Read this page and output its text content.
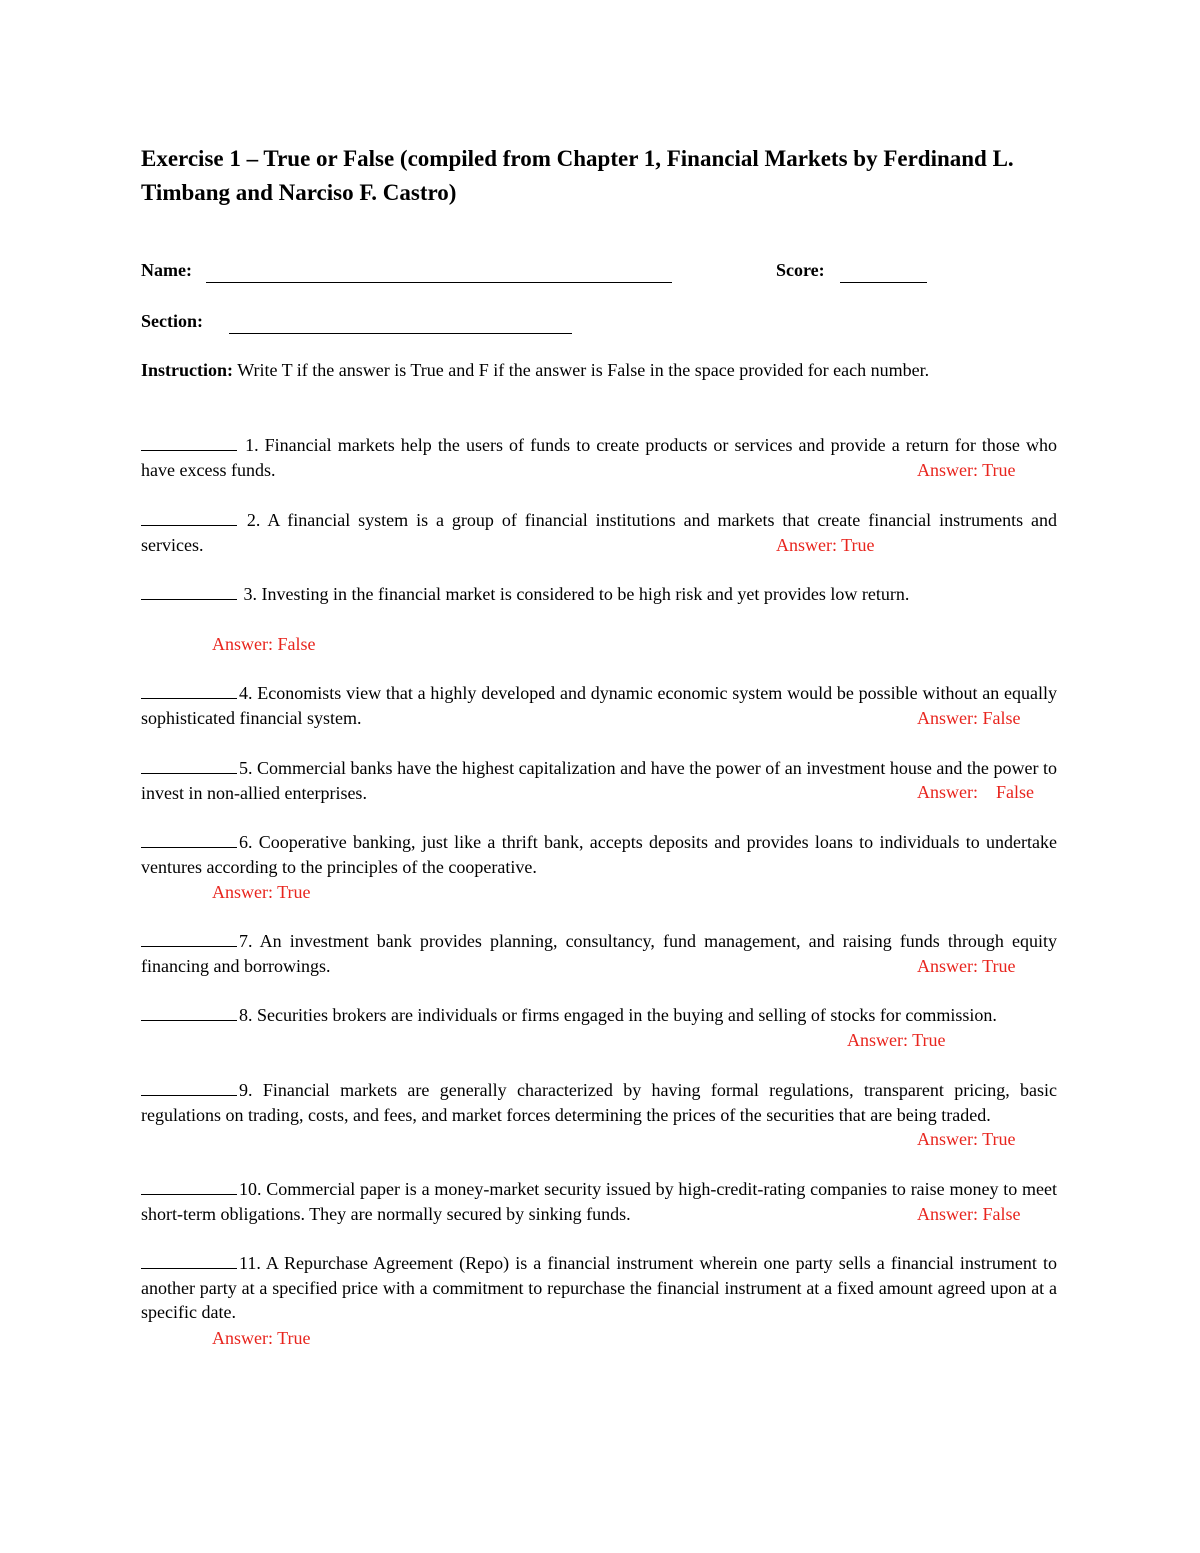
Exercise 1 – True or False (compiled from Chapter 1, Financial Markets by Ferdinand L. Timbang and Narciso F. Castro)
Name:	Score:
Section:
Instruction: Write T if the answer is True and F if the answer is False in the space provided for each number.
1. Financial markets help the users of funds to create products or services and provide a return for those who have excess funds.	Answer: True
2. A financial system is a group of financial institutions and markets that create financial instruments and services.	Answer: True
3. Investing in the financial market is considered to be high risk and yet provides low return.
Answer: False
4. Economists view that a highly developed and dynamic economic system would be possible without an equally sophisticated financial system.	Answer: False
5. Commercial banks have the highest capitalization and have the power of an investment house and the power to invest in non-allied enterprises.	Answer:    False
6. Cooperative banking, just like a thrift bank, accepts deposits and provides loans to individuals to undertake ventures according to the principles of the cooperative.
Answer: True
7. An investment bank provides planning, consultancy, fund management, and raising funds through equity financing and borrowings.	Answer: True
8. Securities brokers are individuals or firms engaged in the buying and selling of stocks for commission.
Answer: True
9. Financial markets are generally characterized by having formal regulations, transparent pricing, basic regulations on trading, costs, and fees, and market forces determining the prices of the securities that are being traded.
Answer: True
10. Commercial paper is a money-market security issued by high-credit-rating companies to raise money to meet short-term obligations. They are normally secured by sinking funds.	Answer: False
11. A Repurchase Agreement (Repo) is a financial instrument wherein one party sells a financial instrument to another party at a specified price with a commitment to repurchase the financial instrument at a fixed amount agreed upon at a specific date.
Answer: True
